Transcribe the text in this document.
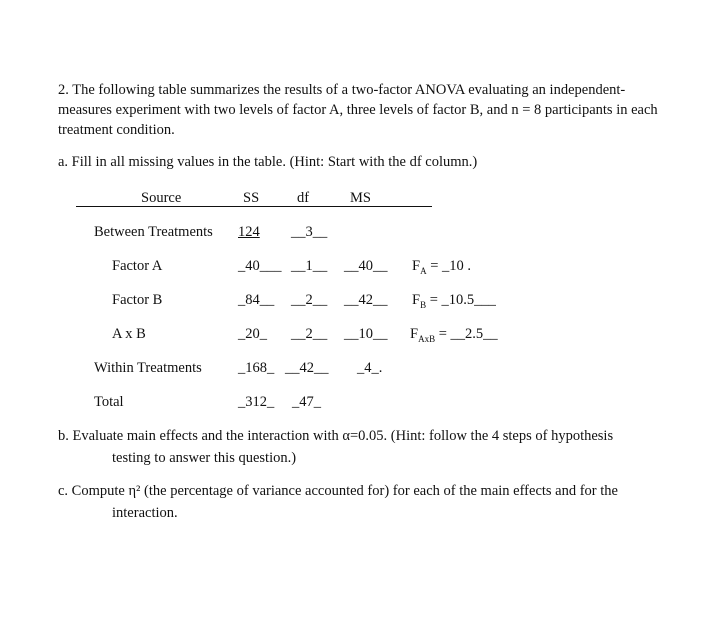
2. The following table summarizes the results of a two-factor ANOVA evaluating an independent-measures experiment with two levels of factor A, three levels of factor B, and n = 8 participants in each treatment condition.
a. Fill in all missing values in the table. (Hint: Start with the df column.)
Source	SS	df	MS
Between Treatments 124 __3__
Factor A	_40___ __1__ __40__ $F_A$ = _10 .
Factor B	_84__ __2__ __42__ $F_B$ = _10.5___
A x B	_20_ __2__ __10__ $F_{AxB}$ = __2.5__
Within Treatments _168_ __42__ _4_.
Total	_312_ _47_
b. Evaluate main effects and the interaction with α=0.05. (Hint: follow the 4 steps of hypothesis
testing to answer this question.)
c. Compute η² (the percentage of variance accounted for) for each of the main effects and for the
interaction.
